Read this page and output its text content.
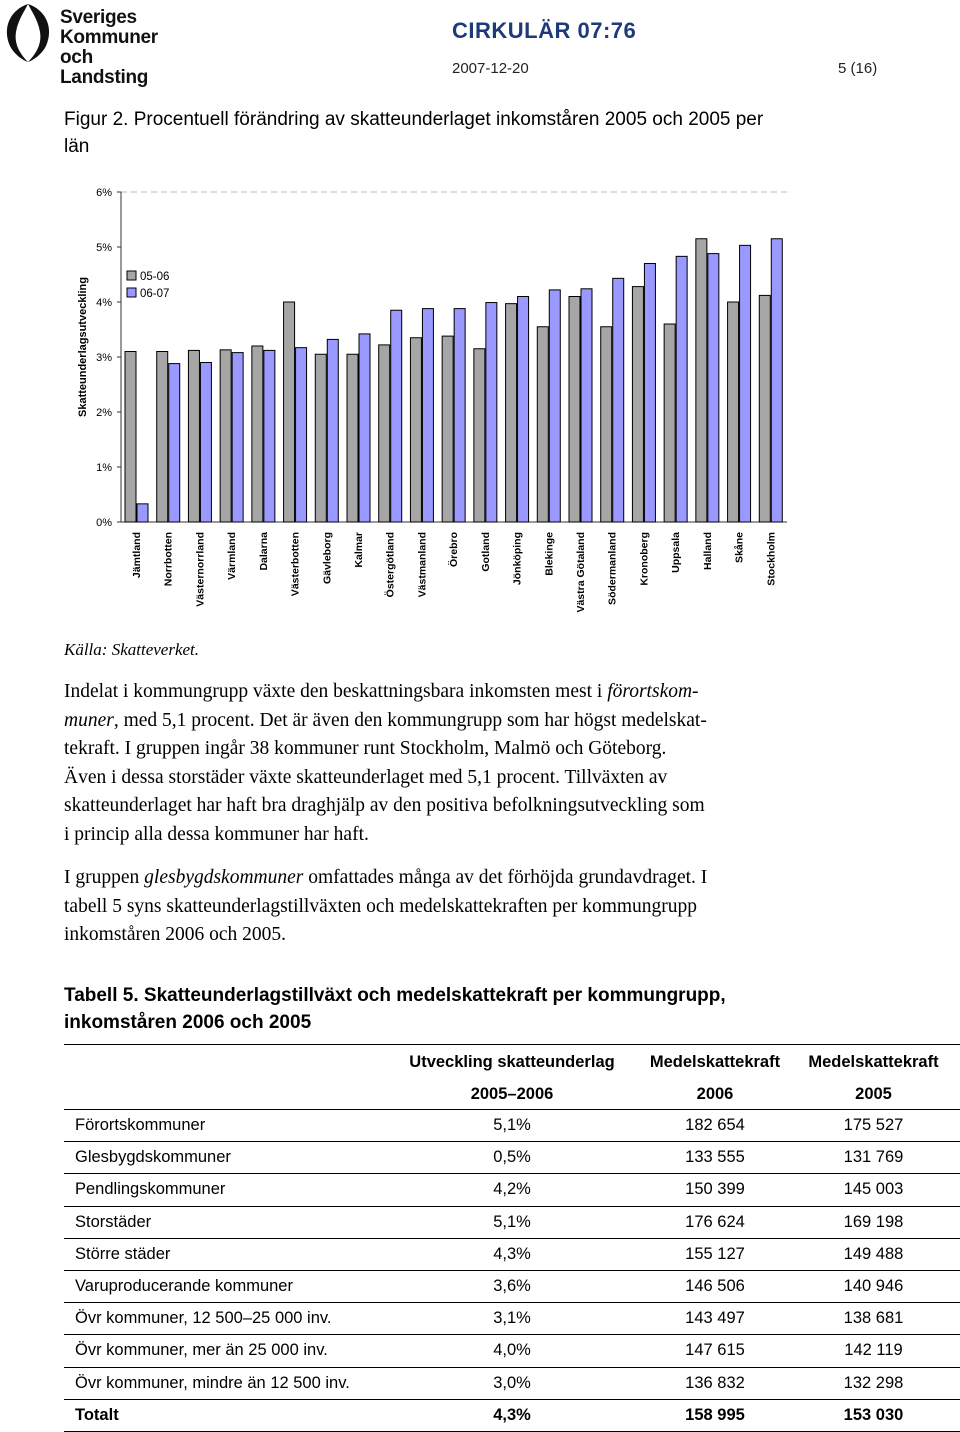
Sveriges
Kommuner
och Landsting
CIRKULÄR 07:76
2007-12-20	5 (16)
Figur 2. Procentuell förändring av skatteunderlaget inkomståren 2005 och 2005 per län
0%
1%
2%
3%
4%
5%
6%
Skatteunderlagsutveckling
Jämtland Norrbotten Västernorrland Värmland Dalarna Västerbotten Gävleborg Kalmar Östergötland Västmanland Örebro Gotland Jönköping Blekinge Västra Götaland Södermanland Kronoberg Uppsala Halland Skåne Stockholm
05-06
06-07
Källa: Skatteverket.
Indelat i kommungrupp växte den beskattningsbara inkomsten mest i förortskom-
muner, med 5,1 procent. Det är även den kommungrupp som har högst medelskat-
tekraft. I gruppen ingår 38 kommuner runt Stockholm, Malmö och Göteborg.
Även i dessa storstäder växte skatteunderlaget med 5,1 procent. Tillväxten av
skatteunderlaget har haft bra draghjälp av den positiva befolkningsutveckling som
i princip alla dessa kommuner har haft.
I gruppen glesbygdskommuner omfattades många av det förhöjda grundavdraget. I
tabell 5 syns skatteunderlagstillväxten och medelskattekraften per kommungrupp
inkomståren 2006 och 2005.
Tabell 5. Skatteunderlagstillväxt och medelskattekraft per kommungrupp, inkomståren 2006 och 2005
	Utveckling skatteunderlag	Medelskattekraft	Medelskattekraft
	2005–2006	2006	2005
Förortskommuner	5,1%	182 654	175 527
Glesbygdskommuner	0,5%	133 555	131 769
Pendlingskommuner	4,2%	150 399	145 003
Storstäder	5,1%	176 624	169 198
Större städer	4,3%	155 127	149 488
Varuproducerande kommuner	3,6%	146 506	140 946
Övr kommuner, 12 500–25 000 inv.	3,1%	143 497	138 681
Övr kommuner, mer än 25 000 inv.	4,0%	147 615	142 119
Övr kommuner, mindre än 12 500 inv.	3,0%	136 832	132 298
Totalt	4,3%	158 995	153 030
